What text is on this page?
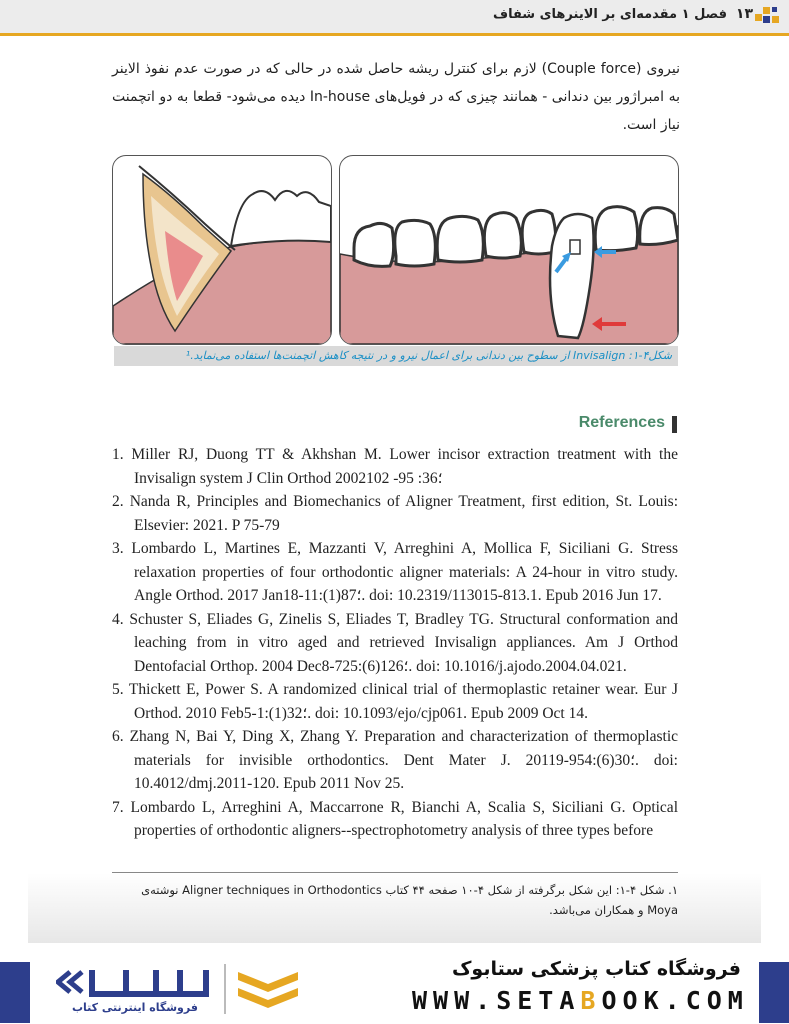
فصل ۱ مقدمه‌ای بر الاینرهای شفاف ۱۳
نیروی (Couple force) لازم برای کنترل ریشه حاصل شده در حالی که در صورت عدم نفوذ الاینر به امبراژور بین دندانی - همانند چیزی که در فویل‌های In-house دیده می‌شود- قطعا به دو اتچمنت نیاز است.
شکل۴-۱: Invisalign از سطوح بین دندانی برای اعمال نیرو و در نتیجه کاهش اتچمنت‌ها استفاده می‌نماید.¹
References
1. Miller RJ, Duong TT & Akhshan M. Lower incisor extraction treatment with the Invisalign system J Clin Orthod 2002؛36: 95- 102
2. Nanda R, Principles and Biomechanics of Aligner Treatment, first edition, St. Louis: Elsevier: 2021. P 75-79
3. Lombardo L, Martines E, Mazzanti V, Arreghini A, Mollica F, Siciliani G. Stress relaxation properties of four orthodontic aligner materials: A 24-hour in vitro study. Angle Orthod. 2017 Jan؛87(1):11-18. doi: 10.2319/113015-813.1. Epub 2016 Jun 17.
4. Schuster S, Eliades G, Zinelis S, Eliades T, Bradley TG. Structural conformation and leaching from in vitro aged and retrieved Invisalign appliances. Am J Orthod Dentofacial Orthop. 2004 Dec؛126(6):725-8. doi: 10.1016/j.ajodo.2004.04.021.
5. Thickett E, Power S. A randomized clinical trial of thermoplastic retainer wear. Eur J Orthod. 2010 Feb؛32(1):1-5. doi: 10.1093/ejo/cjp061. Epub 2009 Oct 14.
6. Zhang N, Bai Y, Ding X, Zhang Y. Preparation and characterization of thermoplastic materials for invisible orthodontics. Dent Mater J. 2011؛30(6):954-9. doi: 10.4012/dmj.2011-120. Epub 2011 Nov 25.
7. Lombardo L, Arreghini A, Maccarrone R, Bianchi A, Scalia S, Siciliani G. Optical properties of orthodontic aligners--spectrophotometry analysis of three types before
۱. شکل ۴-۱: این شکل برگرفته از شکل ۴-۱۰ صفحه ۴۴ کتاب Aligner techniques in Orthodontics نوشته‌ی Moya و همکاران می‌باشد.
فروشگاه اینترنتی کتاب
فروشگاه کتاب پزشکی ستابوک
WWW.SETABOOK.COM
